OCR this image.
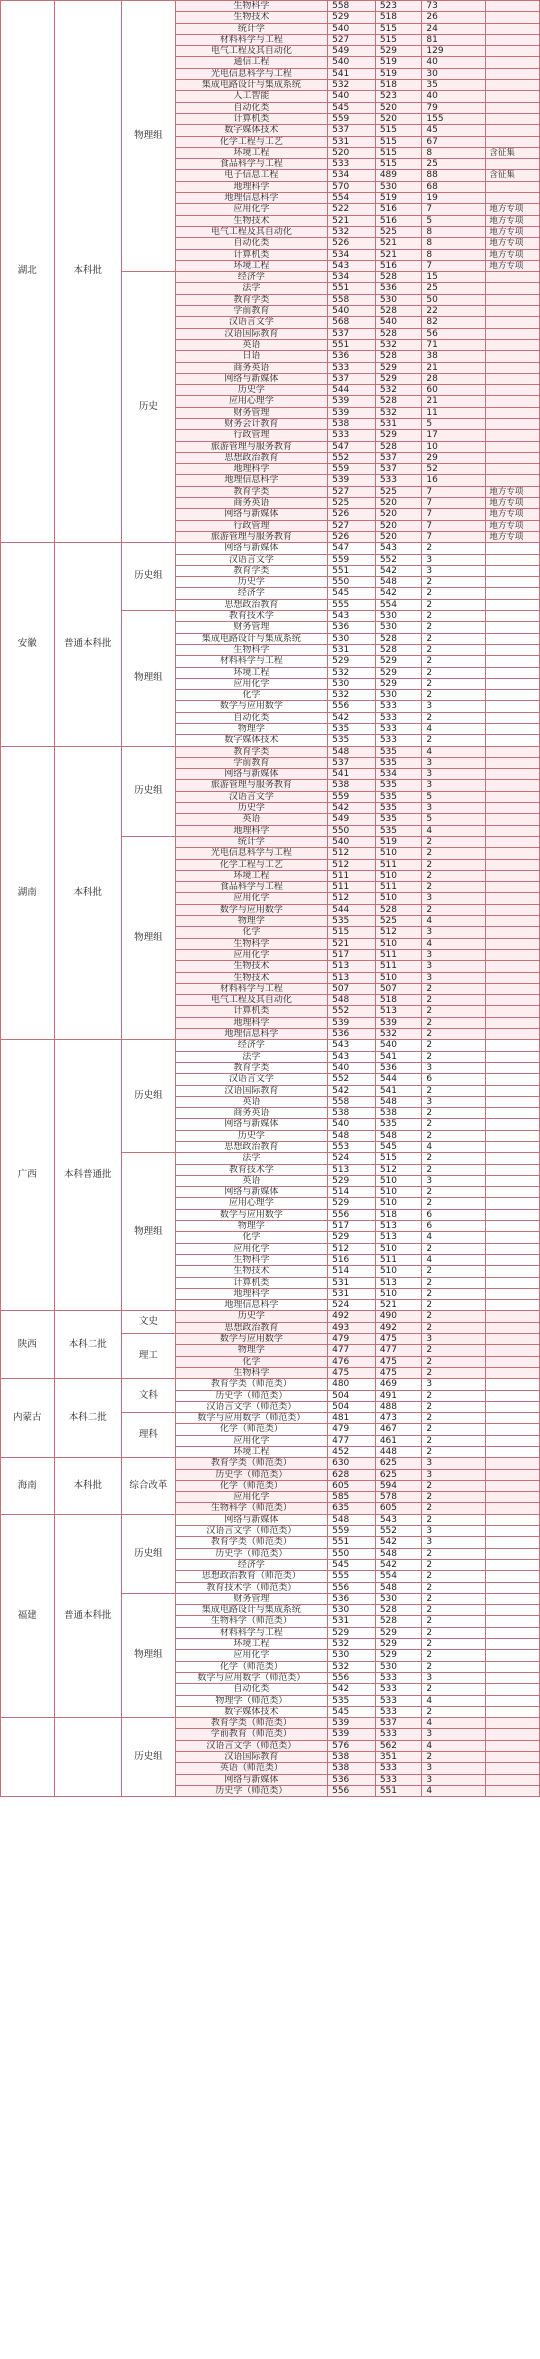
湖北	本科批	物理组	生物科学	558	523	73	
			生物技术	529	518	26	
			统计学	540	515	24	
			材料科学与工程	527	515	81	
			电气工程及其自动化	549	529	129	
			通信工程	540	519	40	
			光电信息科学与工程	541	519	30	
			集成电路设计与集成系统	532	518	35	
			人工智能	540	523	40	
			自动化类	545	520	79	
			计算机类	559	520	155	
			数字媒体技术	537	515	45	
			化学工程与工艺	531	515	67	
			环境工程	520	515	8	含征集
			食品科学与工程	533	515	25	
			电子信息工程	534	489	88	含征集
			地理科学	570	530	68	
			地理信息科学	554	519	19	
			应用化学	522	516	7	地方专项
			生物技术	521	516	5	地方专项
			电气工程及其自动化	532	525	8	地方专项
			自动化类	526	521	8	地方专项
			计算机类	534	521	8	地方专项
			环境工程	543	516	7	地方专项
		历史	经济学	534	528	15	
			法学	551	536	25	
			教育学类	558	530	50	
			学前教育	540	528	22	
			汉语言文学	568	540	82	
			汉语国际教育	537	528	56	
			英语	551	532	71	
			日语	536	528	38	
			商务英语	533	529	21	
			网络与新媒体	537	529	28	
			历史学	544	532	60	
			应用心理学	539	528	21	
			财务管理	539	532	11	
			财务会计教育	538	531	5	
			行政管理	533	529	17	
			旅游管理与服务教育	547	528	10	
			思想政治教育	552	537	29	
			地理科学	559	537	52	
			地理信息科学	539	533	16	
			教育学类	527	525	7	地方专项
			商务英语	525	520	7	地方专项
			网络与新媒体	526	520	7	地方专项
			行政管理	527	520	7	地方专项
			旅游管理与服务教育	526	520	7	地方专项
安徽	普通本科批	历史组	网络与新媒体	547	543	2	
			汉语言文学	559	552	3	
			教育学类	551	542	3	
			历史学	550	548	2	
			经济学	545	542	2	
			思想政治教育	555	554	2	
		物理组	教育技术学	543	530	2	
			财务管理	536	530	2	
			集成电路设计与集成系统	530	528	2	
			生物科学	531	528	2	
			材料科学与工程	529	529	2	
			环境工程	532	529	2	
			应用化学	530	529	2	
			化学	532	530	2	
			数学与应用数学	556	533	3	
			自动化类	542	533	2	
			物理学	535	533	4	
			数字媒体技术	535	533	2	
湖南	本科批	历史组	教育学类	548	535	4	
			学前教育	537	535	3	
			网络与新媒体	541	534	3	
			旅游管理与服务教育	538	535	3	
			汉语言文学	559	535	5	
			历史学	542	535	3	
			英语	549	535	5	
			地理科学	550	535	4	
		物理组	统计学	540	519	2	
			光电信息科学与工程	512	510	2	
			化学工程与工艺	512	511	2	
			环境工程	511	510	2	
			食品科学与工程	511	511	2	
			应用化学	512	510	3	
			数学与应用数学	544	528	2	
			物理学	535	525	4	
			化学	515	512	3	
			生物科学	521	510	4	
			应用化学	517	511	3	
			生物技术	513	511	3	
			生物技术	513	510	3	
			材料科学与工程	507	507	2	
			电气工程及其自动化	548	518	2	
			计算机类	552	513	2	
			地理科学	539	539	2	
			地理信息科学	536	532	2	
广西	本科普通批	历史组	经济学	543	540	2	
			法学	543	541	2	
			教育学类	540	536	3	
			汉语言文学	552	544	6	
			汉语国际教育	542	541	2	
			英语	558	548	3	
			商务英语	538	538	2	
			网络与新媒体	540	535	2	
			历史学	548	548	2	
			思想政治教育	553	545	4	
		物理组	法学	524	515	2	
			教育技术学	513	512	2	
			英语	529	510	3	
			网络与新媒体	514	510	2	
			应用心理学	529	510	2	
			数学与应用数学	556	518	6	
			物理学	517	513	6	
			化学	529	513	4	
			应用化学	512	510	2	
			生物科学	516	511	4	
			生物技术	514	510	2	
			计算机类	531	513	2	
			地理科学	531	510	2	
			地理信息科学	524	521	2	
陕西	本科二批	文史	历史学	492	490	2	
			思想政治教育	493	492	2	
		理工	数学与应用数学	479	475	3	
			物理学	477	477	2	
			化学	476	475	2	
			生物科学	475	475	2	
内蒙古	本科二批	文科	教育学类（师范类）	480	469	3	
			历史学（师范类）	504	491	2	
			汉语言文学（师范类）	504	488	2	
		理科	数学与应用数学（师范类）	481	473	2	
			化学（师范类）	479	467	2	
			应用化学	477	461	2	
			环境工程	452	448	2	
海南	本科批	综合改革	教育学类（师范类）	630	625	3	
			历史学（师范类）	628	625	3	
			化学（师范类）	605	594	2	
			应用化学	585	578	2	
			生物科学（师范类）	635	605	2	
福建	普通本科批	历史组	网络与新媒体	548	543	2	
			汉语言文学（师范类）	559	552	3	
			教育学类（师范类）	551	542	3	
			历史学（师范类）	550	548	2	
			经济学	545	542	2	
			思想政治教育（师范类）	555	554	2	
			教育技术学（师范类）	556	548	2	
		物理组	财务管理	536	530	2	
			集成电路设计与集成系统	530	528	2	
			生物科学（师范类）	531	528	2	
			材料科学与工程	529	529	2	
			环境工程	532	529	2	
			应用化学	530	529	2	
			化学（师范类）	532	530	2	
			数学与应用数学（师范类）	556	533	3	
			自动化类	542	533	2	
			物理学（师范类）	535	533	4	
			数字媒体技术	545	533	2	
		历史组	教育学类（师范类）	539	537	4	
			学前教育（师范类）	539	533	3	
			汉语言文学（师范类）	576	562	4	
			汉语国际教育	538	351	2	
			英语（师范类）	538	533	3	
			网络与新媒体	536	533	3	
			历史学（师范类）	556	551	4	
